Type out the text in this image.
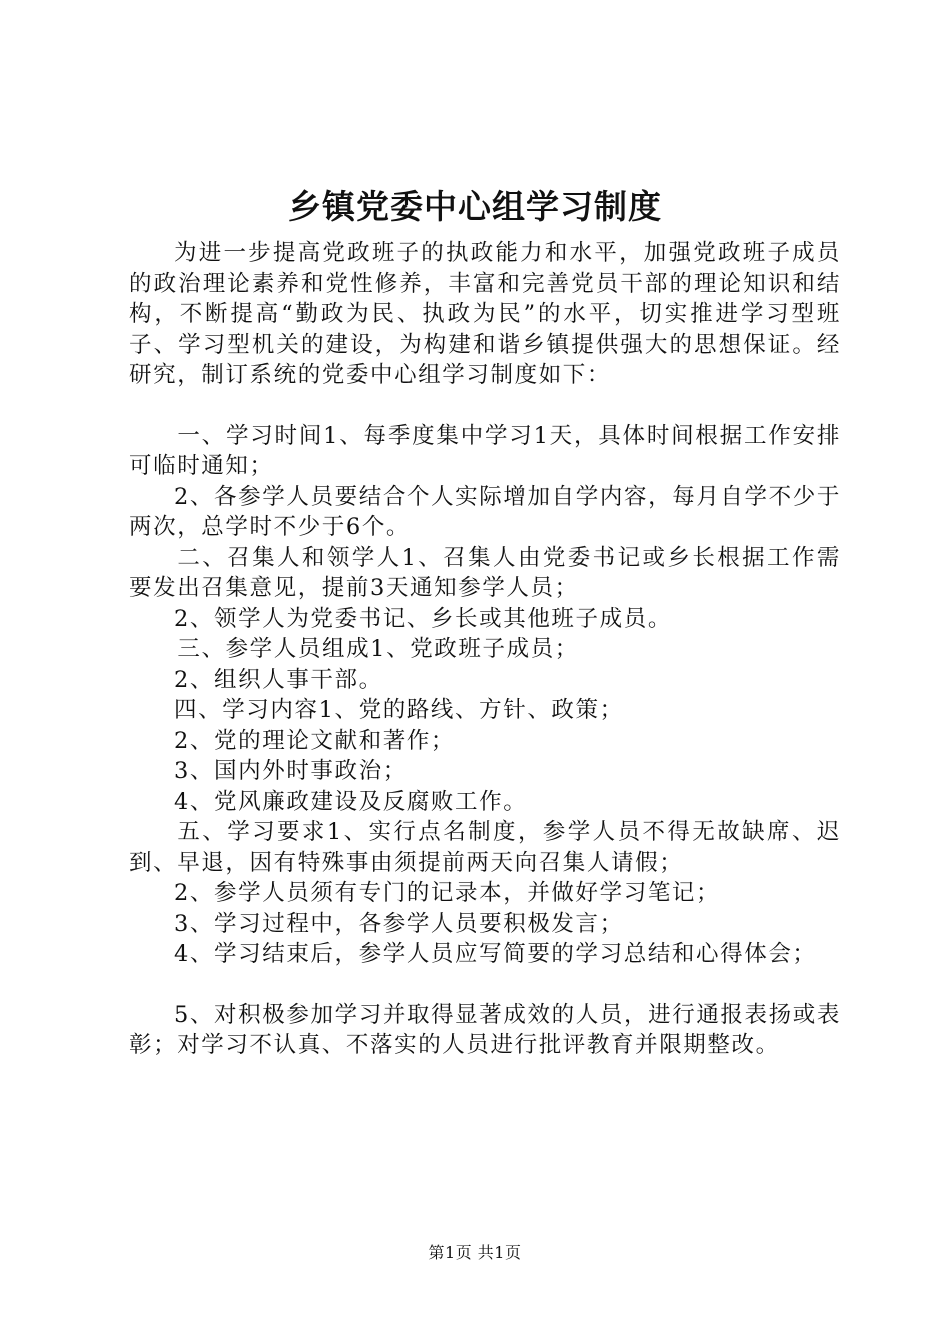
乡镇党委中心组学习制度

为进一步提高党政班子的执政能力和水平，加强党政班子成员的政治理论素养和党性修养，丰富和完善党员干部的理论知识和结构，不断提高“勤政为民、执政为民”的水平，切实推进学习型班子、学习型机关的建设，为构建和谐乡镇提供强大的思想保证。经研究，制订系统的党委中心组学习制度如下：

一、学习时间1、每季度集中学习1天，具体时间根据工作安排可临时通知；

2、各参学人员要结合个人实际增加自学内容，每月自学不少于两次，总学时不少于6个。

二、召集人和领学人1、召集人由党委书记或乡长根据工作需要发出召集意见，提前3天通知参学人员；

2、领学人为党委书记、乡长或其他班子成员。

三、参学人员组成1、党政班子成员；

2、组织人事干部。

四、学习内容1、党的路线、方针、政策；

2、党的理论文献和著作；

3、国内外时事政治；

4、党风廉政建设及反腐败工作。

五、学习要求1、实行点名制度，参学人员不得无故缺席、迟到、早退，因有特殊事由须提前两天向召集人请假；

2、参学人员须有专门的记录本，并做好学习笔记；

3、学习过程中，各参学人员要积极发言；

4、学习结束后，参学人员应写简要的学习总结和心得体会；

5、对积极参加学习并取得显著成效的人员，进行通报表扬或表彰；对学习不认真、不落实的人员进行批评教育并限期整改。

第1页 共1页
